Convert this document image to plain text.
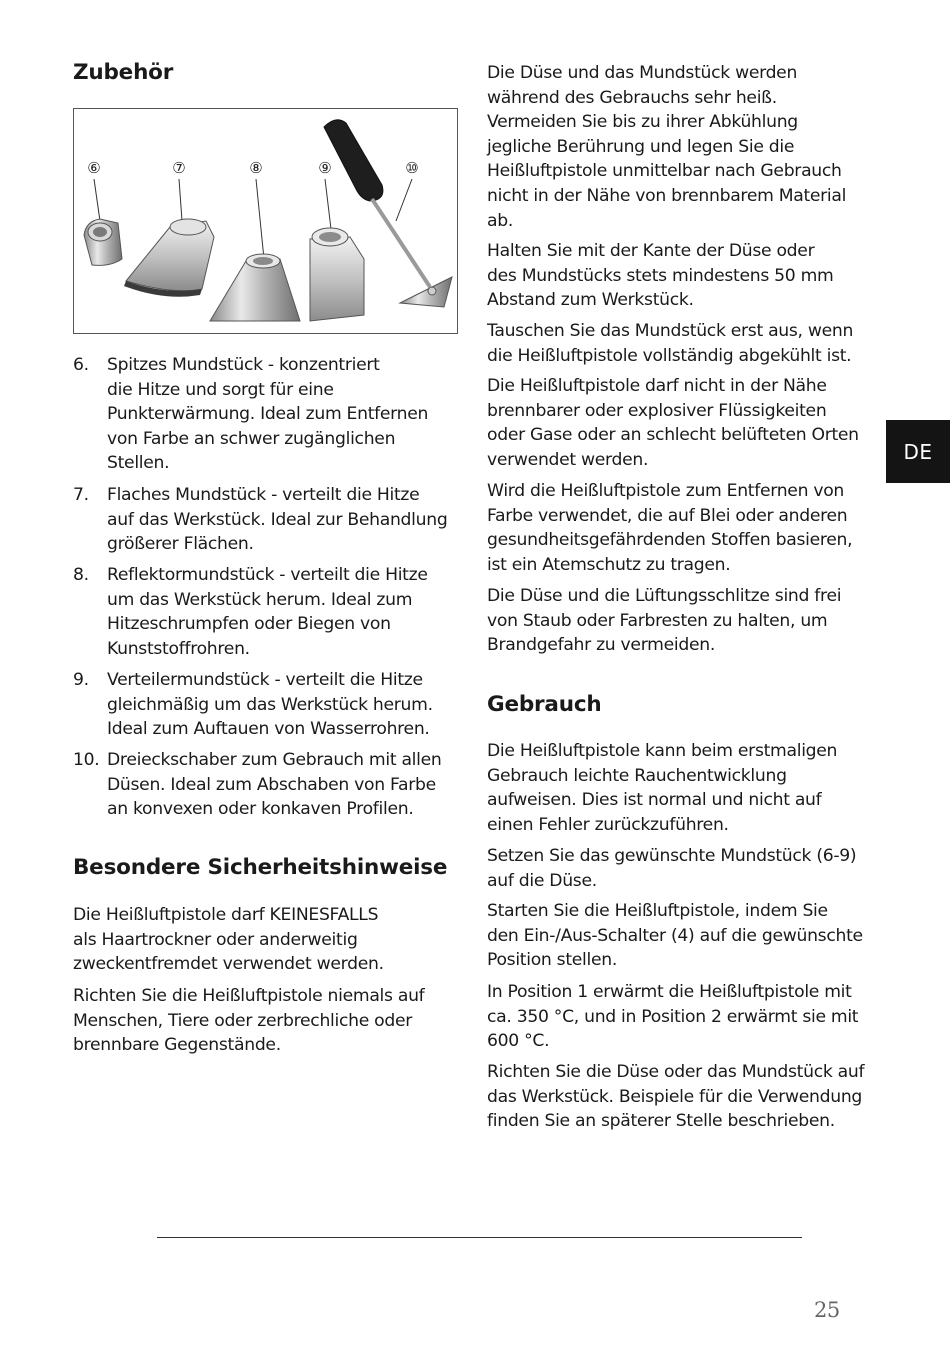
Zubehör
6. Spitzes Mundstück - konzentriert
die Hitze und sorgt für eine
Punkterwärmung. Ideal zum Entfernen
von Farbe an schwer zugänglichen
Stellen.
7. Flaches Mundstück - verteilt die Hitze
auf das Werkstück. Ideal zur Behandlung
größerer Flächen.
8. Reflektormundstück - verteilt die Hitze
um das Werkstück herum. Ideal zum
Hitzeschrumpfen oder Biegen von
Kunststoffrohren.
9. Verteilermundstück - verteilt die Hitze
gleichmäßig um das Werkstück herum.
Ideal zum Auftauen von Wasserrohren.
10. Dreieckschaber zum Gebrauch mit allen
Düsen. Ideal zum Abschaben von Farbe
an konvexen oder konkaven Profilen.
Besondere Sicherheitshinweise

Die Heißluftpistole darf KEINESFALLS
als Haartrockner oder anderweitig
zweckentfremdet verwendet werden.

Richten Sie die Heißluftpistole niemals auf
Menschen, Tiere oder zerbrechliche oder
brennbare Gegenstände.

⑥	⑦	⑧	⑨	⑩

Die Düse und das Mundstück werden
während des Gebrauchs sehr heiß.
Vermeiden Sie bis zu ihrer Abkühlung
jegliche Berührung und legen Sie die
Heißluftpistole unmittelbar nach Gebrauch
nicht in der Nähe von brennbarem Material
ab.

Halten Sie mit der Kante der Düse oder
des Mundstücks stets mindestens 50 mm
Abstand zum Werkstück.

Tauschen Sie das Mundstück erst aus, wenn
die Heißluftpistole vollständig abgekühlt ist.

Die Heißluftpistole darf nicht in der Nähe
brennbarer oder explosiver Flüssigkeiten
oder Gase oder an schlecht belüfteten Orten
verwendet werden.

Wird die Heißluftpistole zum Entfernen von
Farbe verwendet, die auf Blei oder anderen
gesundheitsgefährdenden Stoffen basieren,
ist ein Atemschutz zu tragen.

Die Düse und die Lüftungsschlitze sind frei
von Staub oder Farbresten zu halten, um
Brandgefahr zu vermeiden.

Gebrauch

Die Heißluftpistole kann beim erstmaligen
Gebrauch leichte Rauchentwicklung
aufweisen. Dies ist normal und nicht auf
einen Fehler zurückzuführen.

Setzen Sie das gewünschte Mundstück (6-9)
auf die Düse.

Starten Sie die Heißluftpistole, indem Sie
den Ein-/Aus-Schalter (4) auf die gewünschte
Position stellen.

In Position 1 erwärmt die Heißluftpistole mit
ca. 350 °C, und in Position 2 erwärmt sie mit
600 °C.

Richten Sie die Düse oder das Mundstück auf
das Werkstück. Beispiele für die Verwendung
finden Sie an späterer Stelle beschrieben.

DE
25
